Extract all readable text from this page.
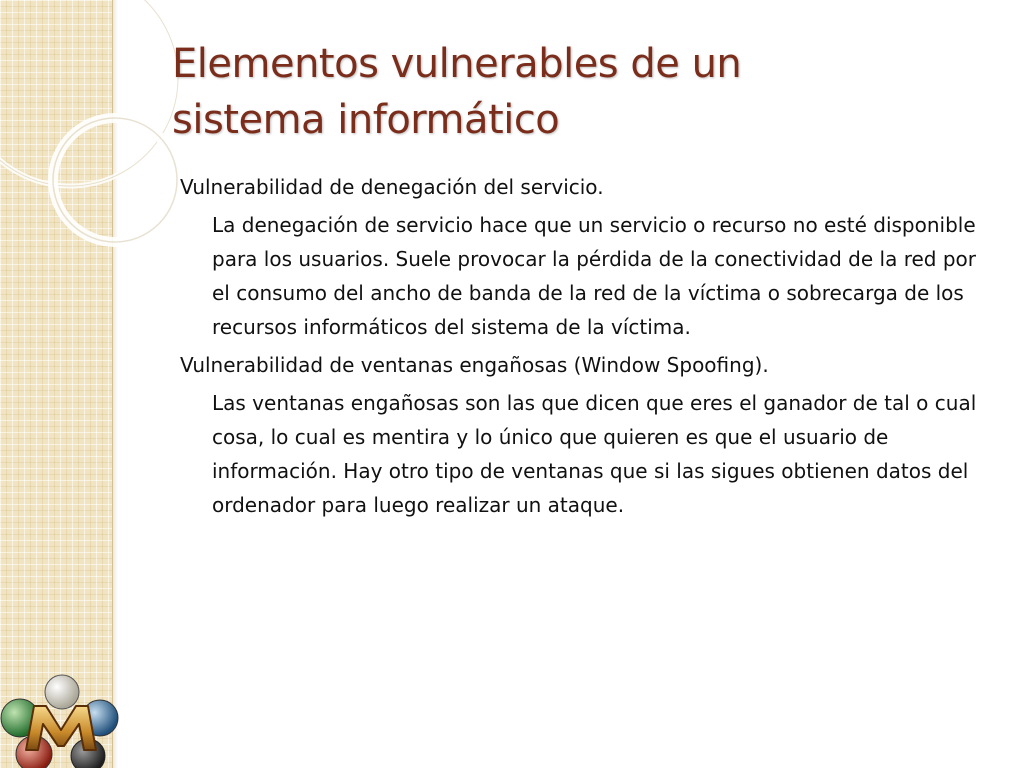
Elementos vulnerables de un
sistema informático

Vulnerabilidad de denegación del servicio.

La denegación de servicio hace que un servicio o recurso no esté disponible para los usuarios. Suele provocar la pérdida de la conectividad de la red por el consumo del ancho de banda de la red de la víctima o sobrecarga de los recursos informáticos del sistema de la víctima.

Vulnerabilidad de ventanas engañosas (Window Spoofing).

Las ventanas engañosas son las que dicen que eres el ganador de tal o cual cosa, lo cual es mentira y lo único que quieren es que el usuario de información. Hay otro tipo de ventanas que si las sigues obtienen datos del ordenador para luego realizar un ataque.
